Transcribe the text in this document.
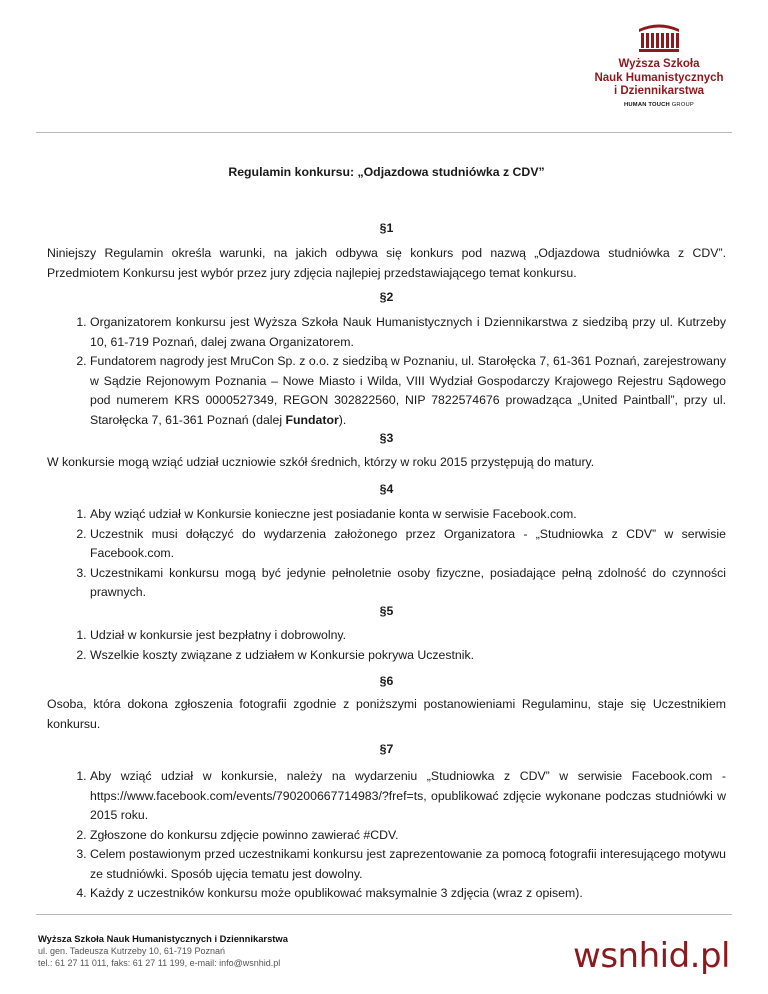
Wyższa Szkoła
Nauk Humanistycznych
i Dziennikarstwa
HUMAN TOUCH GROUP
Regulamin konkursu: „Odjazdowa studniówka z CDV”
§1
Niniejszy Regulamin określa warunki, na jakich odbywa się konkurs pod nazwą „Odjazdowa studniówka z CDV”. Przedmiotem Konkursu jest wybór przez jury zdjęcia najlepiej przedstawiającego temat konkursu.
§2
1. Organizatorem konkursu jest Wyższa Szkoła Nauk Humanistycznych i Dziennikarstwa z siedzibą przy ul. Kutrzeby 10, 61-719 Poznań, dalej zwana Organizatorem.
2. Fundatorem nagrody jest MruCon Sp. z o.o. z siedzibą w Poznaniu, ul. Starołęcka 7, 61-361 Poznań, zarejestrowany w Sądzie Rejonowym Poznania – Nowe Miasto i Wilda, VIII Wydział Gospodarczy Krajowego Rejestru Sądowego pod numerem KRS 0000527349, REGON 302822560, NIP 7822574676 prowadząca „United Paintball”, przy ul. Starołęcka 7, 61-361 Poznań (dalej Fundator).
§3
W konkursie mogą wziąć udział uczniowie szkół średnich, którzy w roku 2015 przystępują do matury.
§4
1. Aby wziąć udział w Konkursie konieczne jest posiadanie konta w serwisie Facebook.com.
2. Uczestnik musi dołączyć do wydarzenia założonego przez Organizatora - „Studniowka z CDV” w serwisie Facebook.com.
3. Uczestnikami konkursu mogą być jedynie pełnoletnie osoby fizyczne, posiadające pełną zdolność do czynności prawnych.
§5
1. Udział w konkursie jest bezpłatny i dobrowolny.
2. Wszelkie koszty związane z udziałem w Konkursie pokrywa Uczestnik.
§6
Osoba, która dokona zgłoszenia fotografii zgodnie z poniższymi postanowieniami Regulaminu, staje się Uczestnikiem konkursu.
§7
1. Aby wziąć udział w konkursie, należy na wydarzeniu „Studniowka z CDV” w serwisie Facebook.com - https://www.facebook.com/events/790200667714983/?fref=ts, opublikować zdjęcie wykonane podczas studniówki w 2015 roku.
2. Zgłoszone do konkursu zdjęcie powinno zawierać #CDV.
3. Celem postawionym przed uczestnikami konkursu jest zaprezentowanie za pomocą fotografii interesującego motywu ze studniówki. Sposób ujęcia tematu jest dowolny.
4. Każdy z uczestników konkursu może opublikować maksymalnie 3 zdjęcia (wraz z opisem).
Wyższa Szkoła Nauk Humanistycznych i Dziennikarstwa
ul. gen. Tadeusza Kutrzeby 10, 61-719 Poznań
tel.: 61 27 11 011, faks: 61 27 11 199, e-mail: info@wsnhid.pl	wsnhid.pl
